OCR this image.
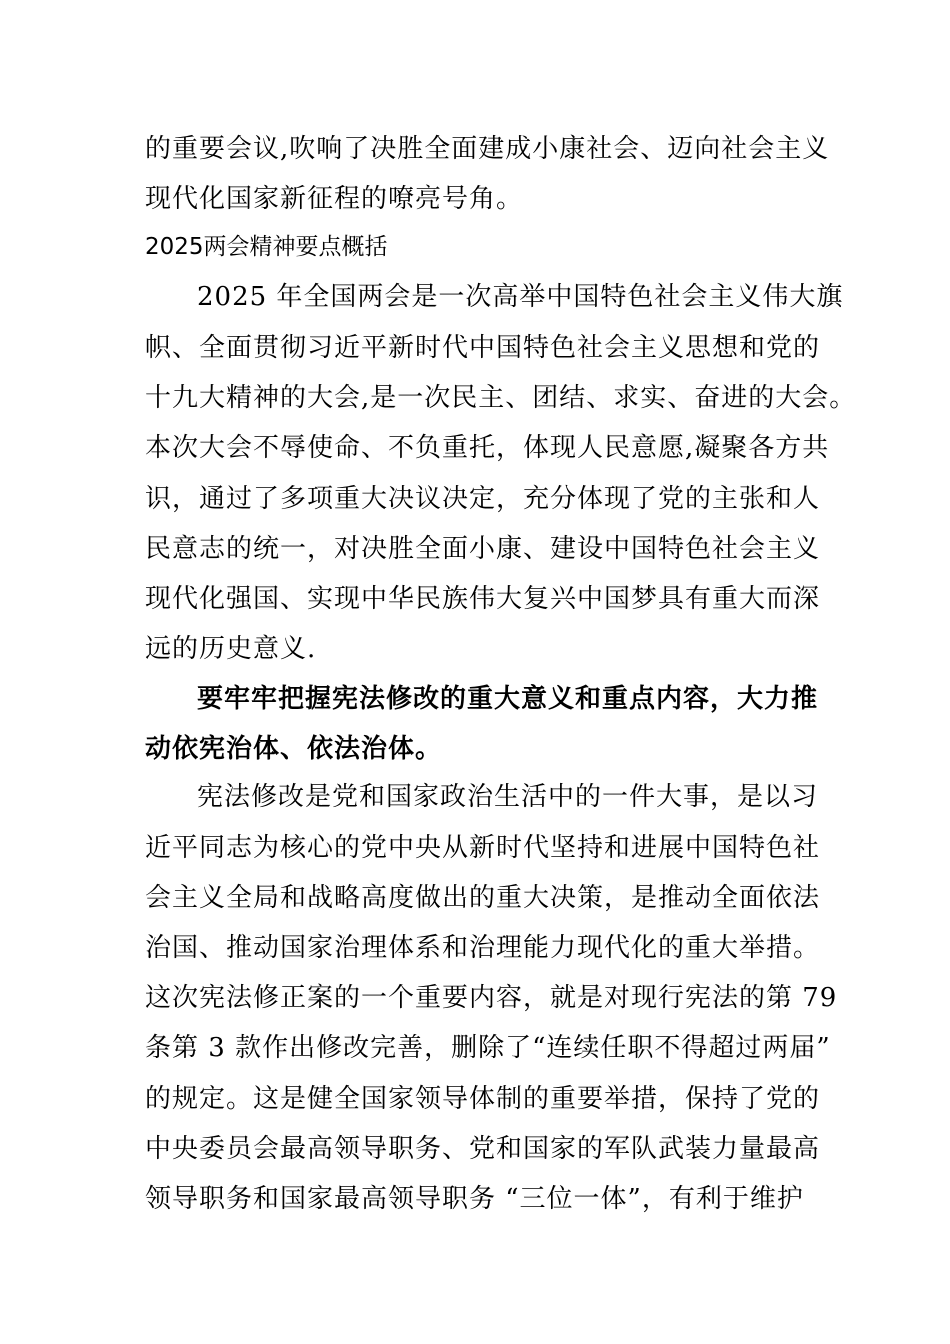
的重要会议,吹响了决胜全面建成小康社会、迈向社会主义
现代化国家新征程的嘹亮号角。
2025两会精神要点概括
2025 年全国两会是一次高举中国特色社会主义伟大旗
帜、全面贯彻习近平新时代中国特色社会主义思想和党的
十九大精神的大会,是一次民主、团结、求实、奋进的大会。
本次大会不辱使命、不负重托，体现人民意愿,凝聚各方共
识，通过了多项重大决议决定，充分体现了党的主张和人
民意志的统一，对决胜全面小康、建设中国特色社会主义
现代化强国、实现中华民族伟大复兴中国梦具有重大而深
远的历史意义.
要牢牢把握宪法修改的重大意义和重点内容，大力推
动依宪治体、依法治体。
宪法修改是党和国家政治生活中的一件大事，是以习
近平同志为核心的党中央从新时代坚持和进展中国特色社
会主义全局和战略高度做出的重大决策，是推动全面依法
治国、推动国家治理体系和治理能力现代化的重大举措。
这次宪法修正案的一个重要内容，就是对现行宪法的第 79
条第 3 款作出修改完善，删除了“连续任职不得超过两届”
的规定。这是健全国家领导体制的重要举措，保持了党的
中央委员会最高领导职务、党和国家的军队武装力量最高
领导职务和国家最高领导职务 “三位一体”，有利于维护
